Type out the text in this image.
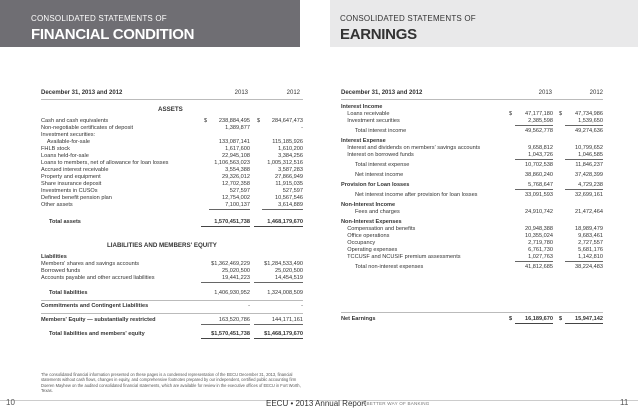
CONSOLIDATED STATEMENTS OF
FINANCIAL CONDITION
CONSOLIDATED STATEMENTS OF
EARNINGS
December 31, 2013 and 2012	2013	2012
ASSETS
Cash and cash equivalents	$	238,884,495 $	284,647,473
Non-negotiable certificates of deposit	1,389,877	-
Investment securities:
Available-for-sale	133,087,141	115,185,926
FHLB stock	1,617,600	1,610,200
Loans held-for-sale	22,945,108	3,384,256
Loans to members, net of allowance for loan losses	1,106,563,023	1,005,312,516
Accrued interest receivable	3,554,388	3,587,283
Property and equipment	29,326,012	27,866,949
Share insurance deposit	12,702,358	11,915,035
Investments in CUSOs	527,597	527,597
Defined benefit pension plan	12,754,002	10,567,546
Other assets	7,100,137	3,614,889
Total assets	1,570,451,738	1,468,179,670
LIABILITIES AND MEMBERS' EQUITY
Liabilities
Members' shares and savings accounts	$1,362,469,229	$1,284,533,490
Borrowed funds	25,020,500	25,020,500
Accounts payable and other accrued liabilities	19,441,223	14,454,519
Total liabilities	1,406,930,952	1,324,008,509
Commitments and Contingent Liabilities	-	-
Members' Equity — substantially restricted	163,520,786	144,171,161
Total liabilities and members' equity	$1,570,451,738	$1,468,179,670
The consolidated financial information presented on these pages is a condensed representation of the EECU December 31, 2013, financial statements without cash flows, changes in equity, and comprehensive footnotes prepared by our independent, certified public accounting firm Doeren Mayhew on the audited consolidated financial statements, which are available for review in the executive offices of EECU in Fort Worth, Texas.
December 31, 2013 and 2012	2013	2012
Interest Income
Loans receivable	$	47,177,180 $	47,734,986
Investment securities	2,385,598	1,539,650
Total interest income	49,562,778	49,274,636
Interest Expense
Interest and dividends on members' savings accounts	9,658,812	10,799,652
Interest on borrowed funds	1,043,726	1,046,585
Total interest expense	10,702,538	11,846,237
Net interest income	38,860,240	37,428,399
Provision for Loan losses	5,768,647	4,729,238
Net interest income after provision for loan losses	33,091,593	32,699,161
Non-Interest Income
Fees and charges	24,910,742	21,472,464
Non-Interest Expenses
Compensation and benefits	20,948,388	18,989,479
Office operations	10,355,024	9,683,461
Occupancy	2,719,780	2,727,557
Operating expenses	6,761,730	5,681,176
TCCUSF and NCUSIF premium assessments	1,027,763	1,142,810
Total non-interest expenses	41,812,685	38,224,483
Net Earnings	$	16,189,670 $	15,947,142
10	11
EECU • 2013 Annual Report
A BETTER WAY OF BANKING
